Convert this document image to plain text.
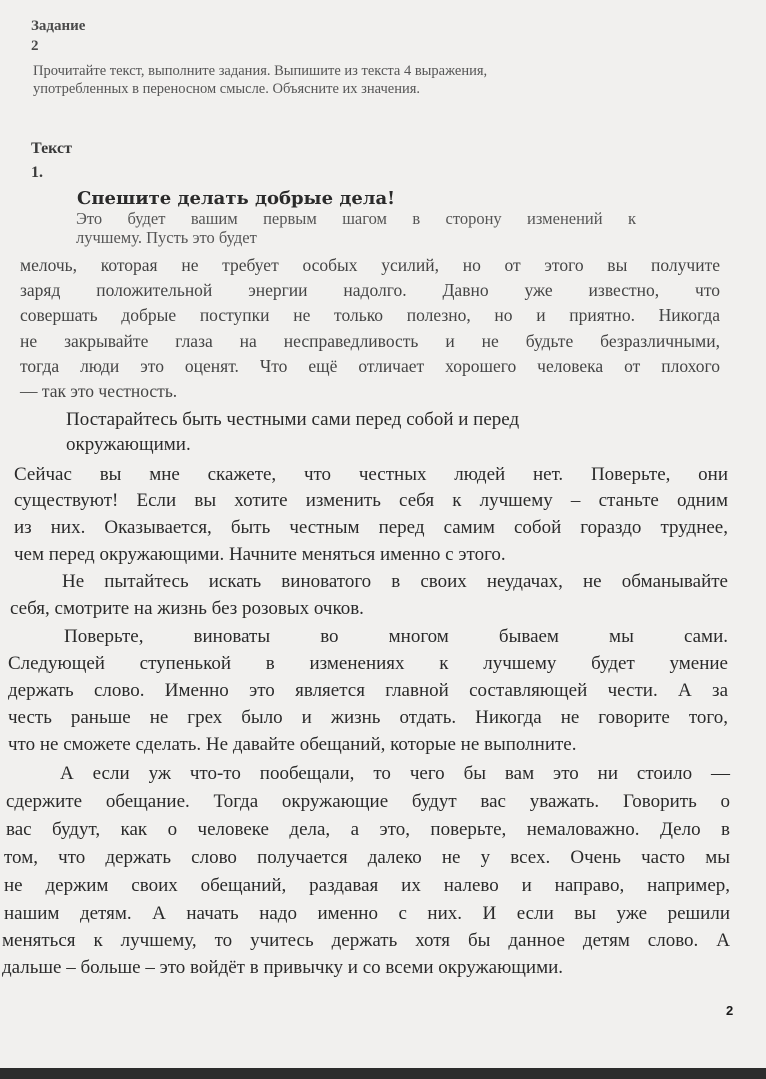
Задание
2
Прочитайте текст, выполните задания. Выпишите из текста 4 выражения,
употребленных в переносном смысле. Объясните их значения.
Текст
1.
Спешите делать добрые дела!
Это будет вашим первым шагом в сторону изменений к
лучшему. Пусть это будет
мелочь, которая не требует особых усилий, но от этого вы получите
заряд положительной энергии надолго. Давно уже известно, что
совершать добрые поступки не только полезно, но и приятно. Никогда
не закрывайте глаза на несправедливость и не будьте безразличными,
тогда люди это оценят. Что ещё отличает хорошего человека от плохого
— так это честность.
Постарайтесь быть честными сами перед собой и перед
окружающими.
Сейчас вы мне скажете, что честных людей нет. Поверьте, они
существуют! Если вы хотите изменить себя к лучшему – станьте одним
из них. Оказывается, быть честным перед самим собой гораздо труднее,
чем перед окружающими. Начните меняться именно с этого.
Не пытайтесь искать виноватого в своих неудачах, не обманывайте
себя, смотрите на жизнь без розовых очков.
Поверьте, виноваты во многом бываем мы сами.
Следующей ступенькой в изменениях к лучшему будет умение
держать слово. Именно это является главной составляющей чести. А за
честь раньше не грех было и жизнь отдать. Никогда не говорите того,
что не сможете сделать. Не давайте обещаний, которые не выполните.
А если уж что-то пообещали, то чего бы вам это ни стоило —
сдержите обещание. Тогда окружающие будут вас уважать. Говорить о
вас будут, как о человеке дела, а это, поверьте, немаловажно. Дело в
том, что держать слово получается далеко не у всех. Очень часто мы
не держим своих обещаний, раздавая их налево и направо, например,
нашим детям. А начать надо именно с них. И если вы уже решили
меняться к лучшему, то учитесь держать хотя бы данное детям слово. А
дальше – больше – это войдёт в привычку и со всеми окружающими.
2
